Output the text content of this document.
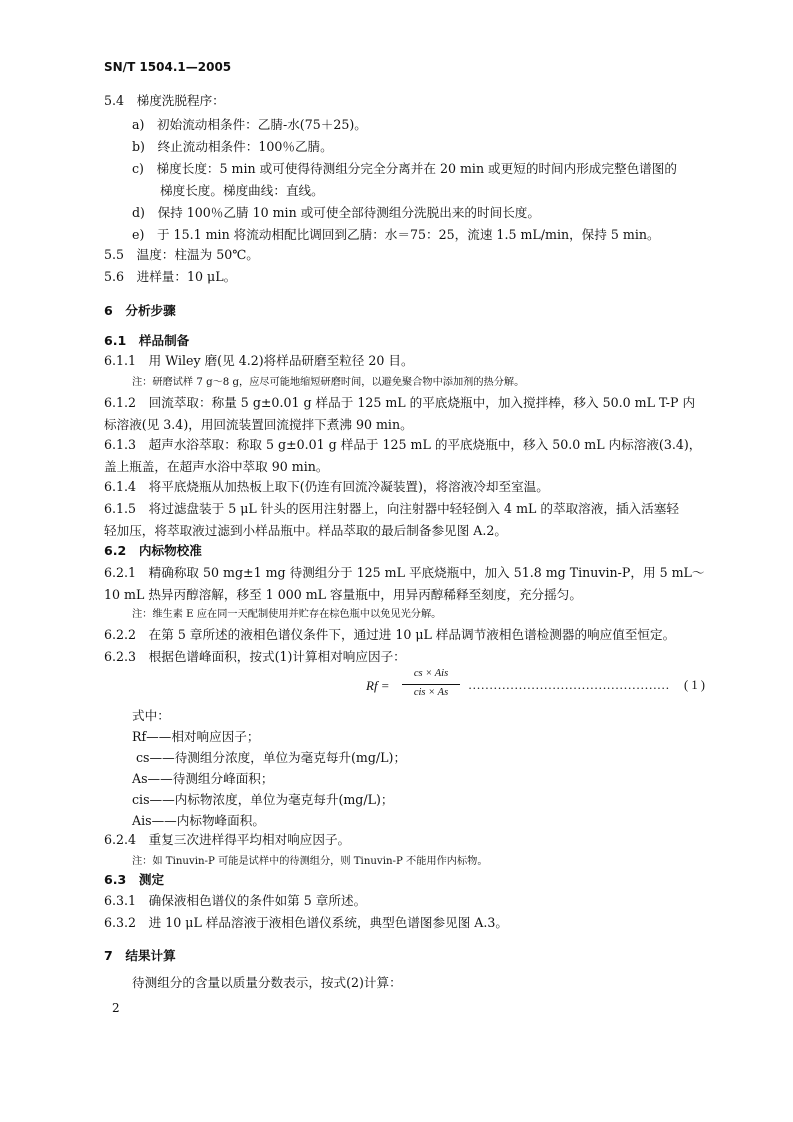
SN/T 1504.1—2005
5.4　梯度洗脱程序：
a)　初始流动相条件：乙腈-水(75＋25)。
b)　终止流动相条件：100％乙腈。
c)　梯度长度：5 min 或可使得待测组分完全分离并在 20 min 或更短的时间内形成完整色谱图的
梯度长度。梯度曲线：直线。
d)　保持 100％乙腈 10 min 或可使全部待测组分洗脱出来的时间长度。
e)　于 15.1 min 将流动相配比调回到乙腈：水＝75：25，流速 1.5 mL/min，保持 5 min。
5.5　温度：柱温为 50℃。
5.6　进样量：10 μL。
6　分析步骤
6.1　样品制备
6.1.1　用 Wiley 磨(见 4.2)将样品研磨至粒径 20 目。
注：研磨试样 7 g～8 g，应尽可能地缩短研磨时间，以避免聚合物中添加剂的热分解。
6.1.2　回流萃取：称量 5 g±0.01 g 样品于 125 mL 的平底烧瓶中，加入搅拌棒，移入 50.0 mL T-P 内
标溶液(见 3.4)，用回流装置回流搅拌下煮沸 90 min。
6.1.3　超声水浴萃取：称取 5 g±0.01 g 样品于 125 mL 的平底烧瓶中，移入 50.0 mL 内标溶液(3.4)，
盖上瓶盖，在超声水浴中萃取 90 min。
6.1.4　将平底烧瓶从加热板上取下(仍连有回流冷凝装置)，将溶液冷却至室温。
6.1.5　将过滤盘装于 5 μL 针头的医用注射器上，向注射器中轻轻倒入 4 mL 的萃取溶液，插入活塞轻
轻加压，将萃取液过滤到小样品瓶中。样品萃取的最后制备参见图 A.2。
6.2　内标物校准
6.2.1　精确称取 50 mg±1 mg 待测组分于 125 mL 平底烧瓶中，加入 51.8 mg Tinuvin-P，用 5 mL～
10 mL 热异丙醇溶解，移至 1 000 mL 容量瓶中，用异丙醇稀释至刻度，充分摇匀。
注：维生素 E 应在同一天配制使用并贮存在棕色瓶中以免见光分解。
6.2.2　在第 5 章所述的液相色谱仪条件下，通过进 10 μL 样品调节液相色谱检测器的响应值至恒定。
6.2.3　根据色谱峰面积，按式(1)计算相对响应因子：
Rf =
cs × Ais
cis × As
………………………………………… ( 1 )
式中：
Rf——相对响应因子；
cs——待测组分浓度，单位为毫克每升(mg/L)；
As——待测组分峰面积；
cis——内标物浓度，单位为毫克每升(mg/L)；
Ais——内标物峰面积。
6.2.4　重复三次进样得平均相对响应因子。
注：如 Tinuvin-P 可能是试样中的待测组分，则 Tinuvin-P 不能用作内标物。
6.3　测定
6.3.1　确保液相色谱仪的条件如第 5 章所述。
6.3.2　进 10 μL 样品溶液于液相色谱仪系统，典型色谱图参见图 A.3。
7　结果计算
待测组分的含量以质量分数表示，按式(2)计算：
2
